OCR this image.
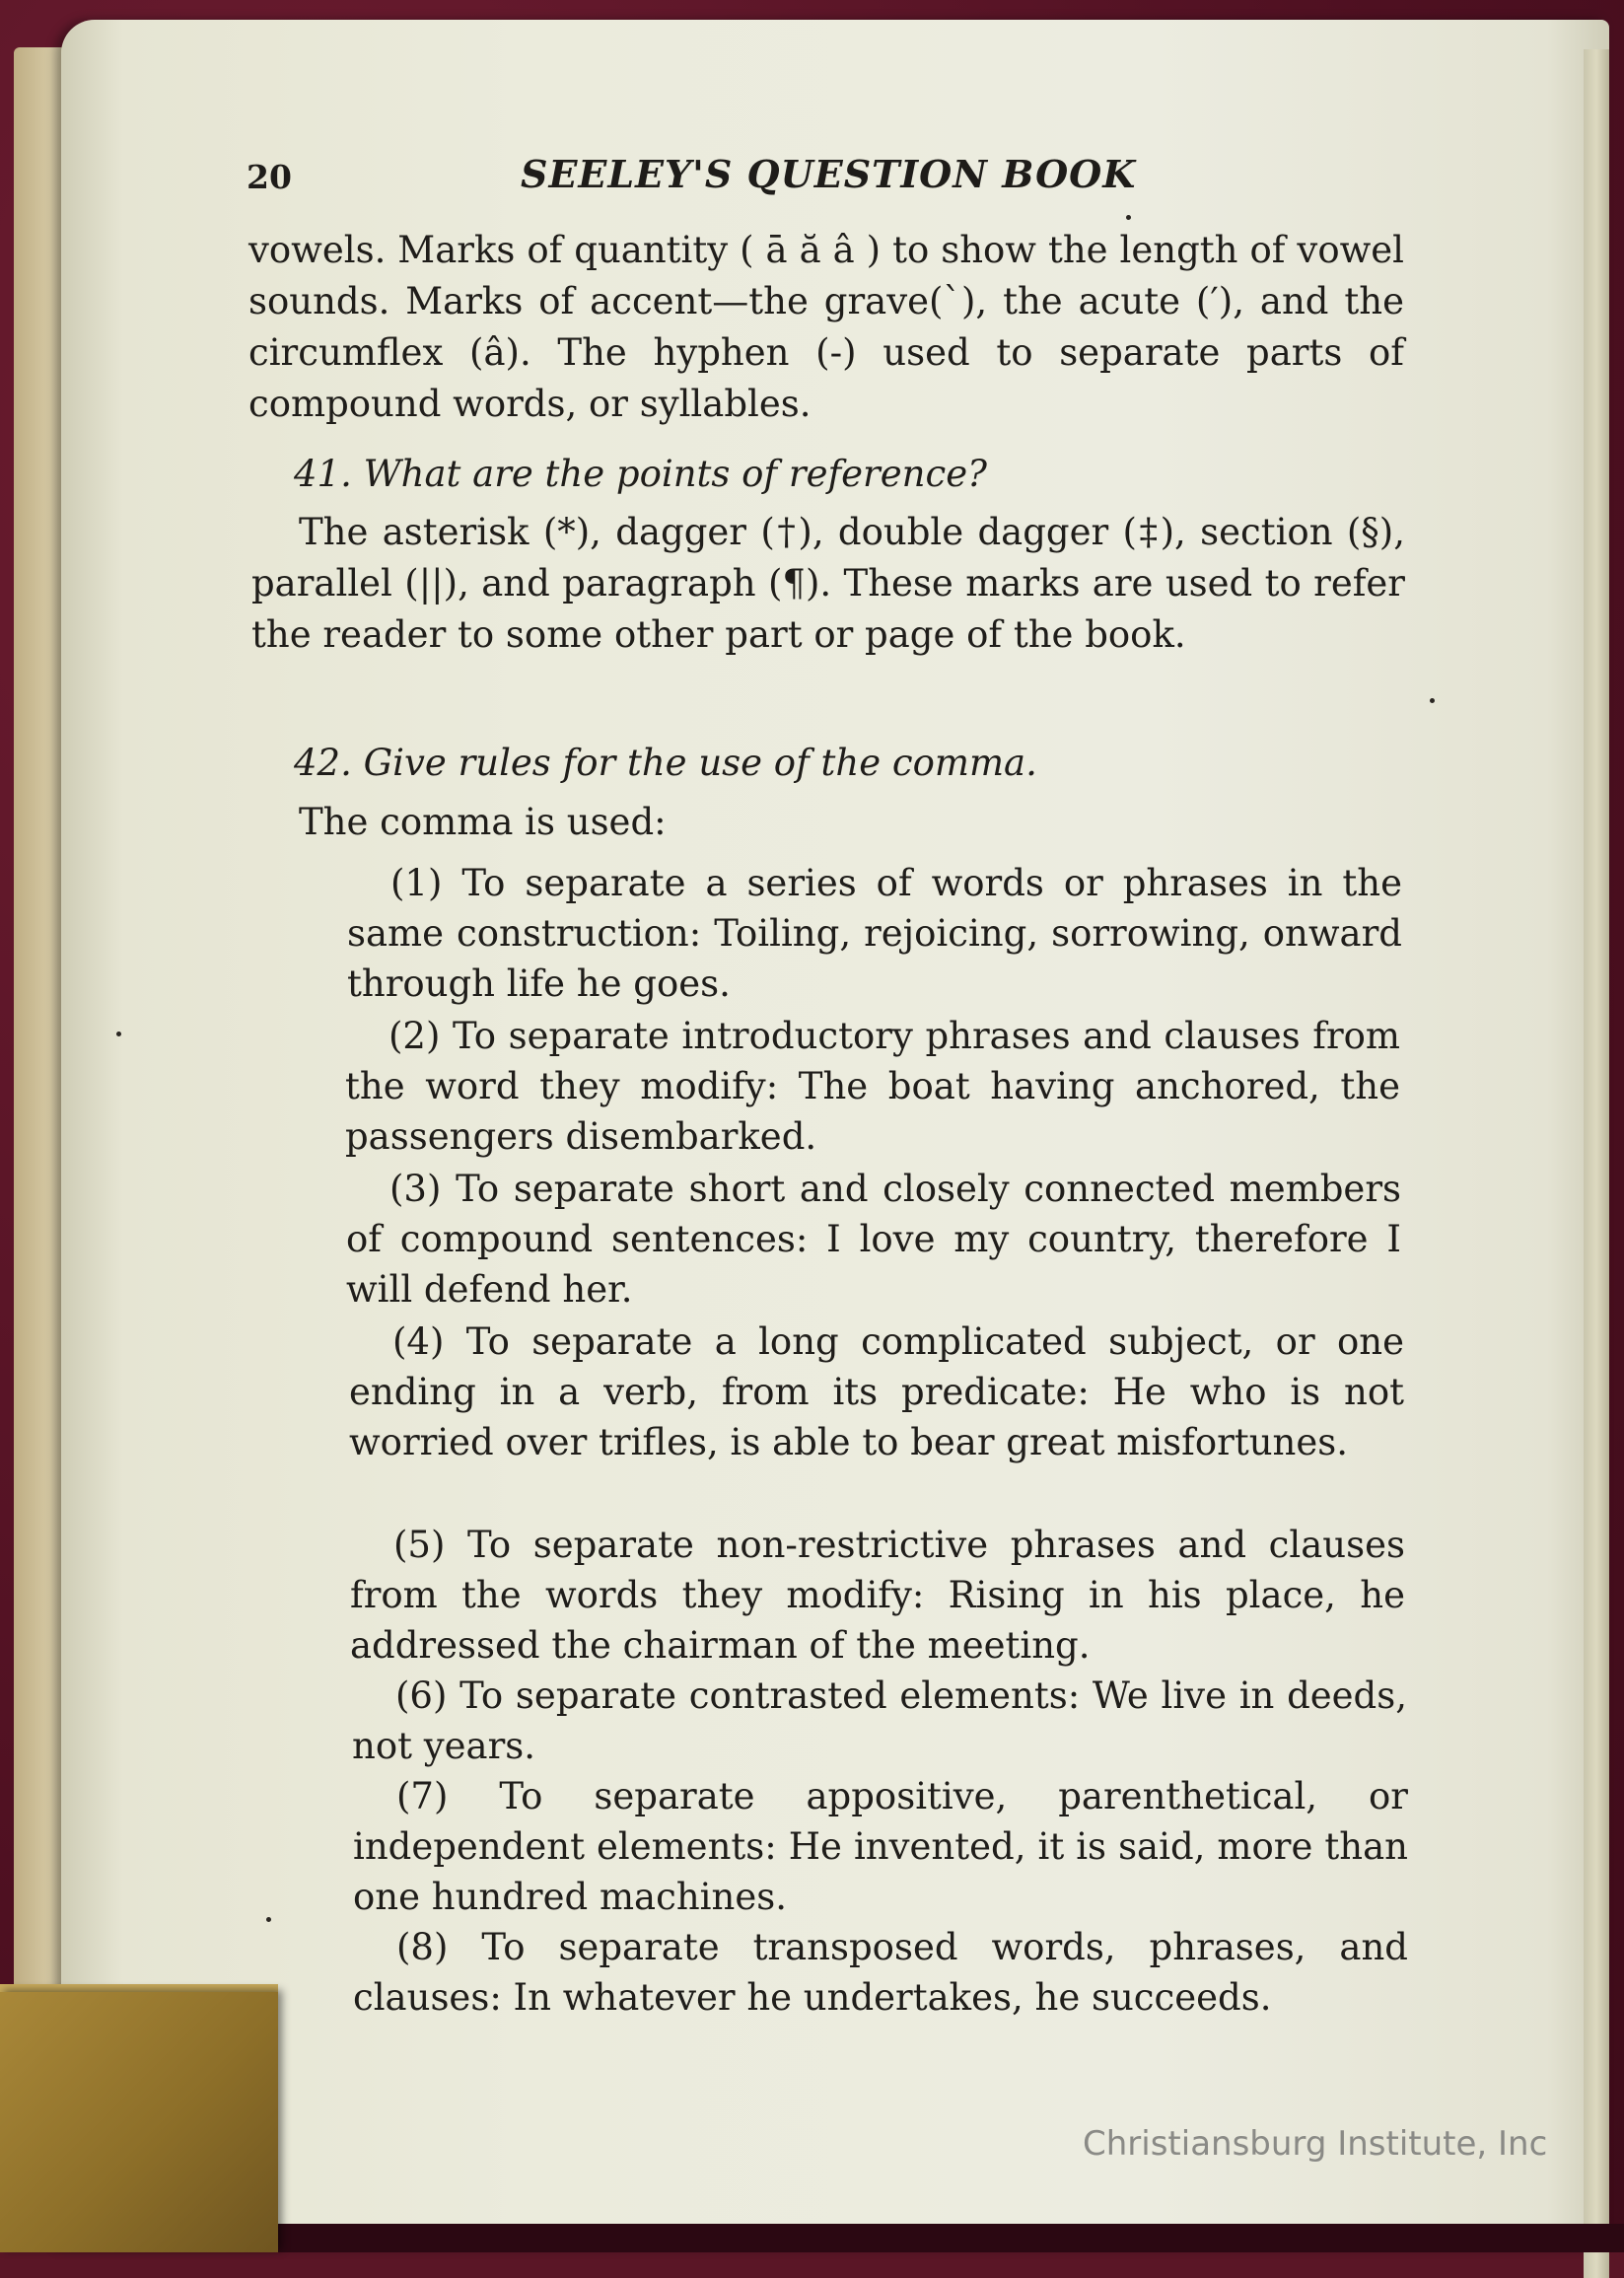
20	SEELEY'S QUESTION BOOK
vowels. Marks of quantity ( ā ă â ) to show the length of vowel sounds. Marks of accent—the grave(`), the acute (′), and the circumflex (â). The hyphen (-) used to separate parts of compound words, or syllables.
41. What are the points of reference?
The asterisk (*), dagger (†), double dagger (‡), section (§), parallel (||), and paragraph (¶). These marks are used to refer the reader to some other part or page of the book.
42. Give rules for the use of the comma.
The comma is used:
(1) To separate a series of words or phrases in the same construction: Toiling, rejoicing, sorrowing, onward through life he goes.
(2) To separate introductory phrases and clauses from the word they modify: The boat having anchored, the passengers disembarked.
(3) To separate short and closely connected members of compound sentences: I love my country, therefore I will defend her.
(4) To separate a long complicated subject, or one ending in a verb, from its predicate: He who is not worried over trifles, is able to bear great misfortunes.
(5) To separate non-restrictive phrases and clauses from the words they modify: Rising in his place, he addressed the chairman of the meeting.
(6) To separate contrasted elements: We live in deeds, not years.
(7) To separate appositive, parenthetical, or independent elements: He invented, it is said, more than one hundred machines.
(8) To separate transposed words, phrases, and clauses: In whatever he undertakes, he succeeds.
Christiansburg Institute, Inc
